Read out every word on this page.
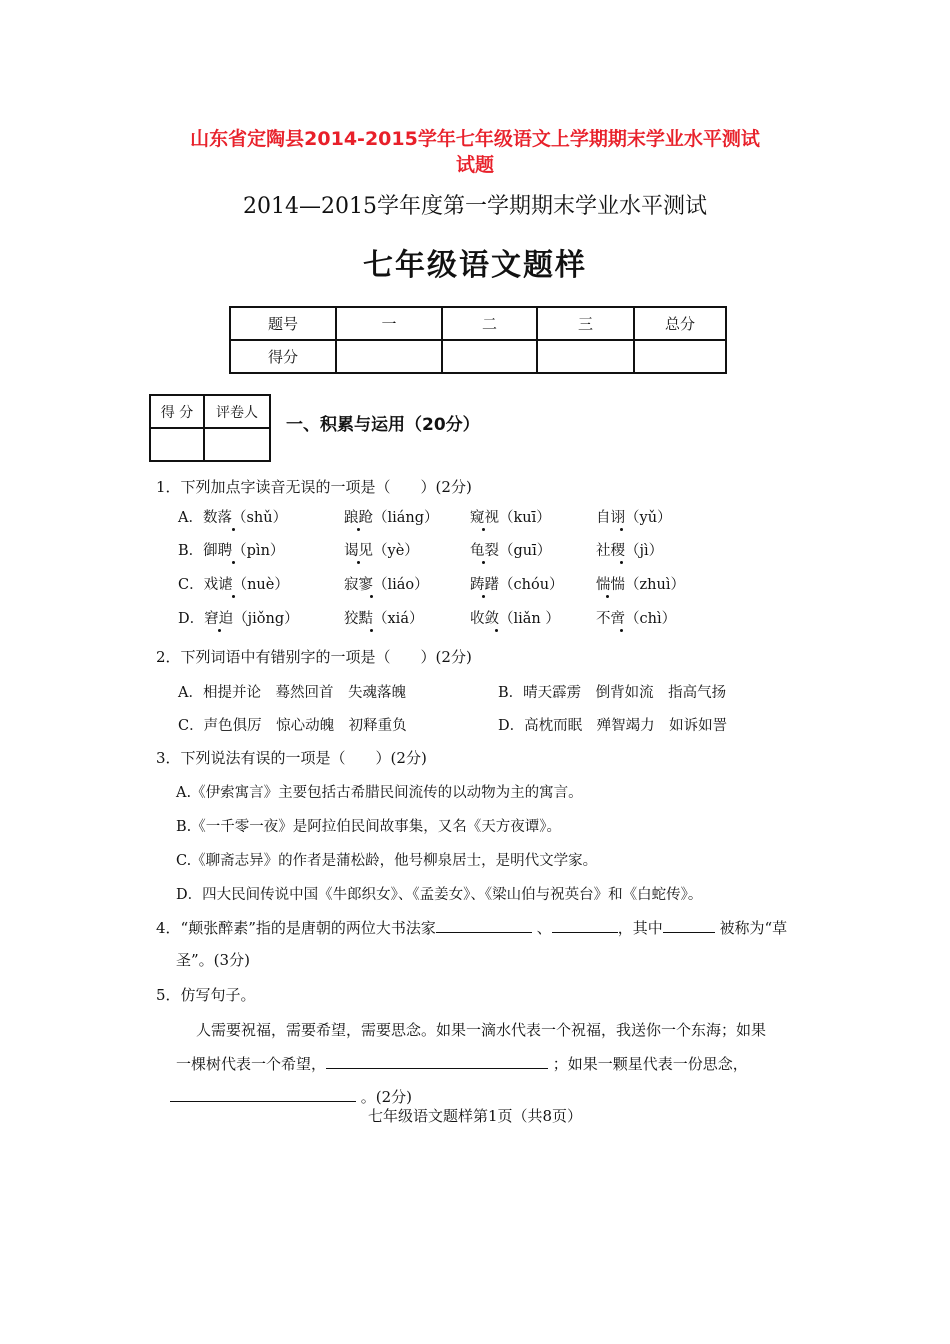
山东省定陶县2014-2015学年七年级语文上学期期末学业水平测试
试题
2014—2015学年度第一学期期末学业水平测试
七年级语文题样
题号	一	二	三	总分
得分				
得 分	评卷人

一、积累与运用（20分）
1．下列加点字读音无误的一项是（　　）(2分)
A．数落（shǔ）	踉跄（liáng） 窥视（kuī）	自诩（yǔ）
B．御聘（pìn）	谒见（yè）	龟裂（guī）	社稷（jì）
C．戏谑（nuè）	寂寥（liáo）	踌躇（chóu） 惴惴（zhuì）
D．窘迫（jiǒng）	狡黠（xiá）	收敛（liǎn ） 不啻（chì）
2．下列词语中有错别字的一项是（　　）(2分)
A．相提并论　蓦然回首　失魂落魄	B．晴天霹雳　倒背如流　指高气扬
C．声色俱厉　惊心动魄　初释重负	D．高枕而眠　殚智竭力　如诉如詈
3．下列说法有误的一项是（　　）(2分)
A.《伊索寓言》主要包括古希腊民间流传的以动物为主的寓言。
B.《一千零一夜》是阿拉伯民间故事集，又名《天方夜谭》。
C.《聊斋志异》的作者是蒲松龄，他号柳泉居士，是明代文学家。
D．四大民间传说中国《牛郎织女》、《孟姜女》、《梁山伯与祝英台》和《白蛇传》。
4．“颠张醉素”指的是唐朝的两位大书法家	、	，其中	被称为“草
圣”。(3分)
5．仿写句子。
人需要祝福，需要希望，需要思念。如果一滴水代表一个祝福，我送你一个东海；如果
一棵树代表一个希望，	；如果一颗星代表一份思念，
。(2分)
七年级语文题样第1页（共8页）
